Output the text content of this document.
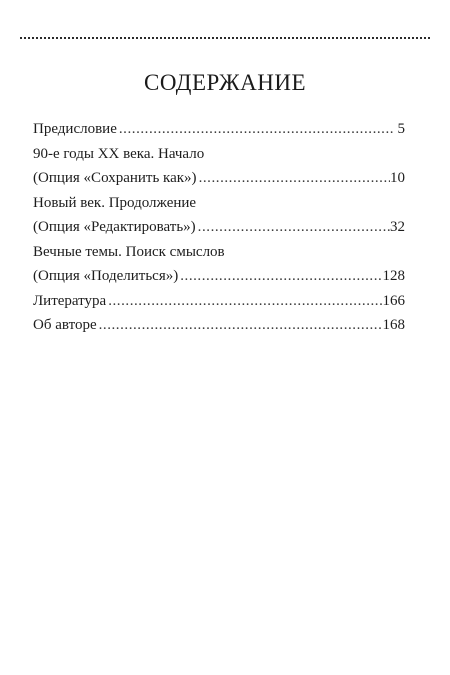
СОДЕРЖАНИЕ
Предисловие . . .	5
90-е годы XX века. Начало
(Опция «Сохранить как») . . .	10
Новый век. Продолжение
(Опция «Редактировать») . . .	32
Вечные темы. Поиск смыслов
(Опция «Поделиться») . . .	128
Литература . . .	166
Об авторе . . .	168
